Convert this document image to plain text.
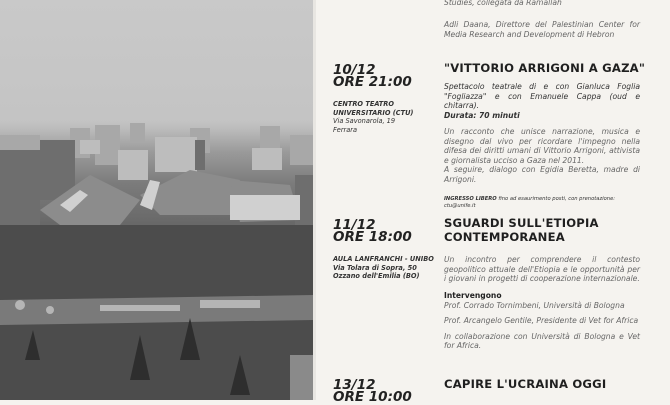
Studies, collegata da Ramallah

Adli Daana, Direttore del Palestinian Center for Media Research and Development di Hebron

10/12
ORE 21:00
CENTRO TEATRO
UNIVERSITARIO (CTU)
Via Savonarola, 19
Ferrara
"VITTORIO ARRIGONI A GAZA"

Spettacolo teatrale di e con Gianluca Foglia "Fogliazza" e con Emanuele Cappa (oud e chitarra).

Durata: 70 minuti

Un racconto che unisce narrazione, musica e disegno dal vivo per ricordare l'impegno nella difesa dei diritti umani di Vittorio Arrigoni, attivista e giornalista ucciso a Gaza nel 2011.

A seguire, dialogo con Egidia Beretta, madre di Arrigoni.

INGRESSO LIBERO fino ad esaurimento posti, con prenotazione: ctu@unife.it
11/12
ORE 18:00
AULA LANFRANCHI - UNIBO
Via Tolara di Sopra, 50
Ozzano dell'Emilia (BO)
SGUARDI SULL'ETIOPIA
CONTEMPORANEA

Un incontro per comprendere il contesto geopolitico attuale dell'Etiopia e le opportunità per i giovani in progetti di cooperazione internazionale.

Intervengono

Prof. Corrado Tornimbeni, Università di Bologna

Prof. Arcangelo Gentile, Presidente di Vet for Africa

In collaborazione con Università di Bologna e Vet for Africa.

13/12
ORE 10:00
CAPIRE L'UCRAINA OGGI
